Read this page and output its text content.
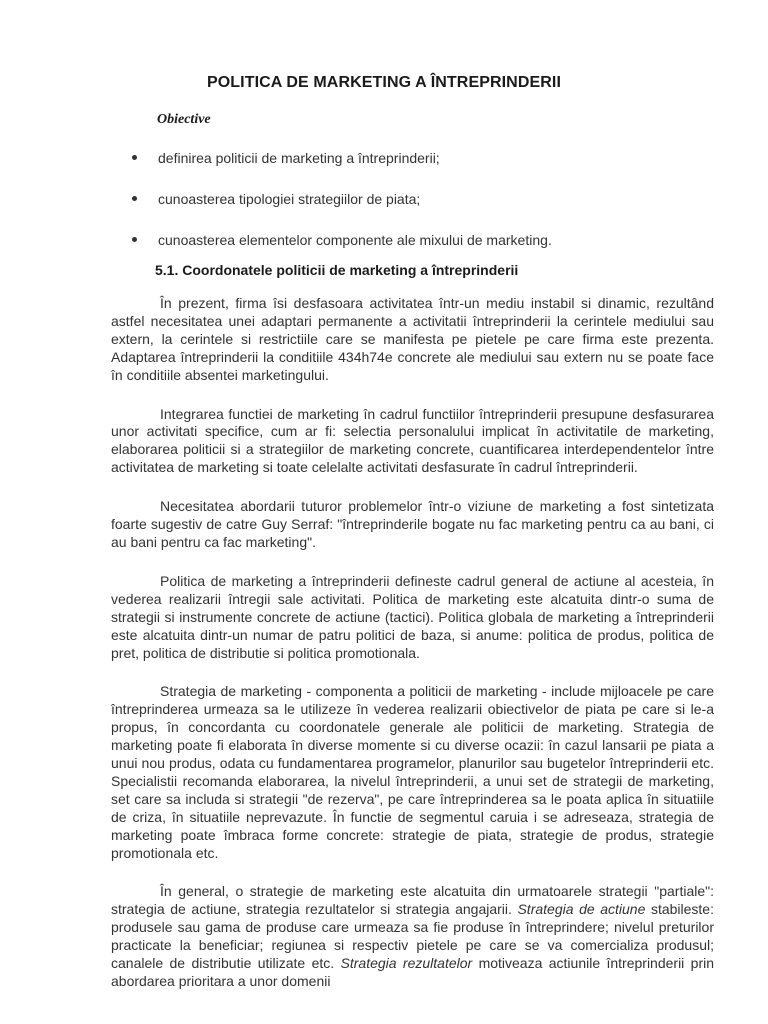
POLITICA DE MARKETING A ÎNTREPRINDERII

Obiective

definirea politicii de marketing a întreprinderii;
cunoasterea tipologiei strategiilor de piata;
cunoasterea elementelor componente ale mixului de marketing.
5.1. Coordonatele politicii de marketing a întreprinderii

În prezent, firma îsi desfasoara activitatea într-un mediu instabil si dinamic, rezultând astfel necesitatea unei adaptari permanente a activitatii întreprinderii la cerintele mediului sau extern, la cerintele si restrictiile care se manifesta pe pietele pe care firma este prezenta. Adaptarea întreprinderii la conditiile 434h74e concrete ale mediului sau extern nu se poate face în conditiile absentei marketingului.

Integrarea functiei de marketing în cadrul functiilor întreprinderii presupune desfasurarea unor activitati specifice, cum ar fi: selectia personalului implicat în activitatile de marketing, elaborarea politicii si a strategiilor de marketing concrete, cuantificarea interdependentelor între activitatea de marketing si toate celelalte activitati desfasurate în cadrul întreprinderii.

Necesitatea abordarii tuturor problemelor într-o viziune de marketing a fost sintetizata foarte sugestiv de catre Guy Serraf: "întreprinderile bogate nu fac marketing pentru ca au bani, ci au bani pentru ca fac marketing".

Politica de marketing a întreprinderii defineste cadrul general de actiune al acesteia, în vederea realizarii întregii sale activitati. Politica de marketing este alcatuita dintr-o suma de strategii si instrumente concrete de actiune (tactici). Politica globala de marketing a întreprinderii este alcatuita dintr-un numar de patru politici de baza, si anume: politica de produs, politica de pret, politica de distributie si politica promotionala.

Strategia de marketing - componenta a politicii de marketing - include mijloacele pe care întreprinderea urmeaza sa le utilizeze în vederea realizarii obiectivelor de piata pe care si le-a propus, în concordanta cu coordonatele generale ale politicii de marketing. Strategia de marketing poate fi elaborata în diverse momente si cu diverse ocazii: în cazul lansarii pe piata a unui nou produs, odata cu fundamentarea programelor, planurilor sau bugetelor întreprinderii etc. Specialistii recomanda elaborarea, la nivelul întreprinderii, a unui set de strategii de marketing, set care sa includa si strategii "de rezerva", pe care întreprinderea sa le poata aplica în situatiile de criza, în situatiile neprevazute. În functie de segmentul caruia i se adreseaza, strategia de marketing poate îmbraca forme concrete: strategie de piata, strategie de produs, strategie promotionala etc.

În general, o strategie de marketing este alcatuita din urmatoarele strategii "partiale": strategia de actiune, strategia rezultatelor si strategia angajarii. Strategia de actiune stabileste: produsele sau gama de produse care urmeaza sa fie produse în întreprindere; nivelul preturilor practicate la beneficiar; regiunea si respectiv pietele pe care se va comercializa produsul; canalele de distributie utilizate etc. Strategia rezultatelor motiveaza actiunile întreprinderii prin abordarea prioritara a unor domenii
